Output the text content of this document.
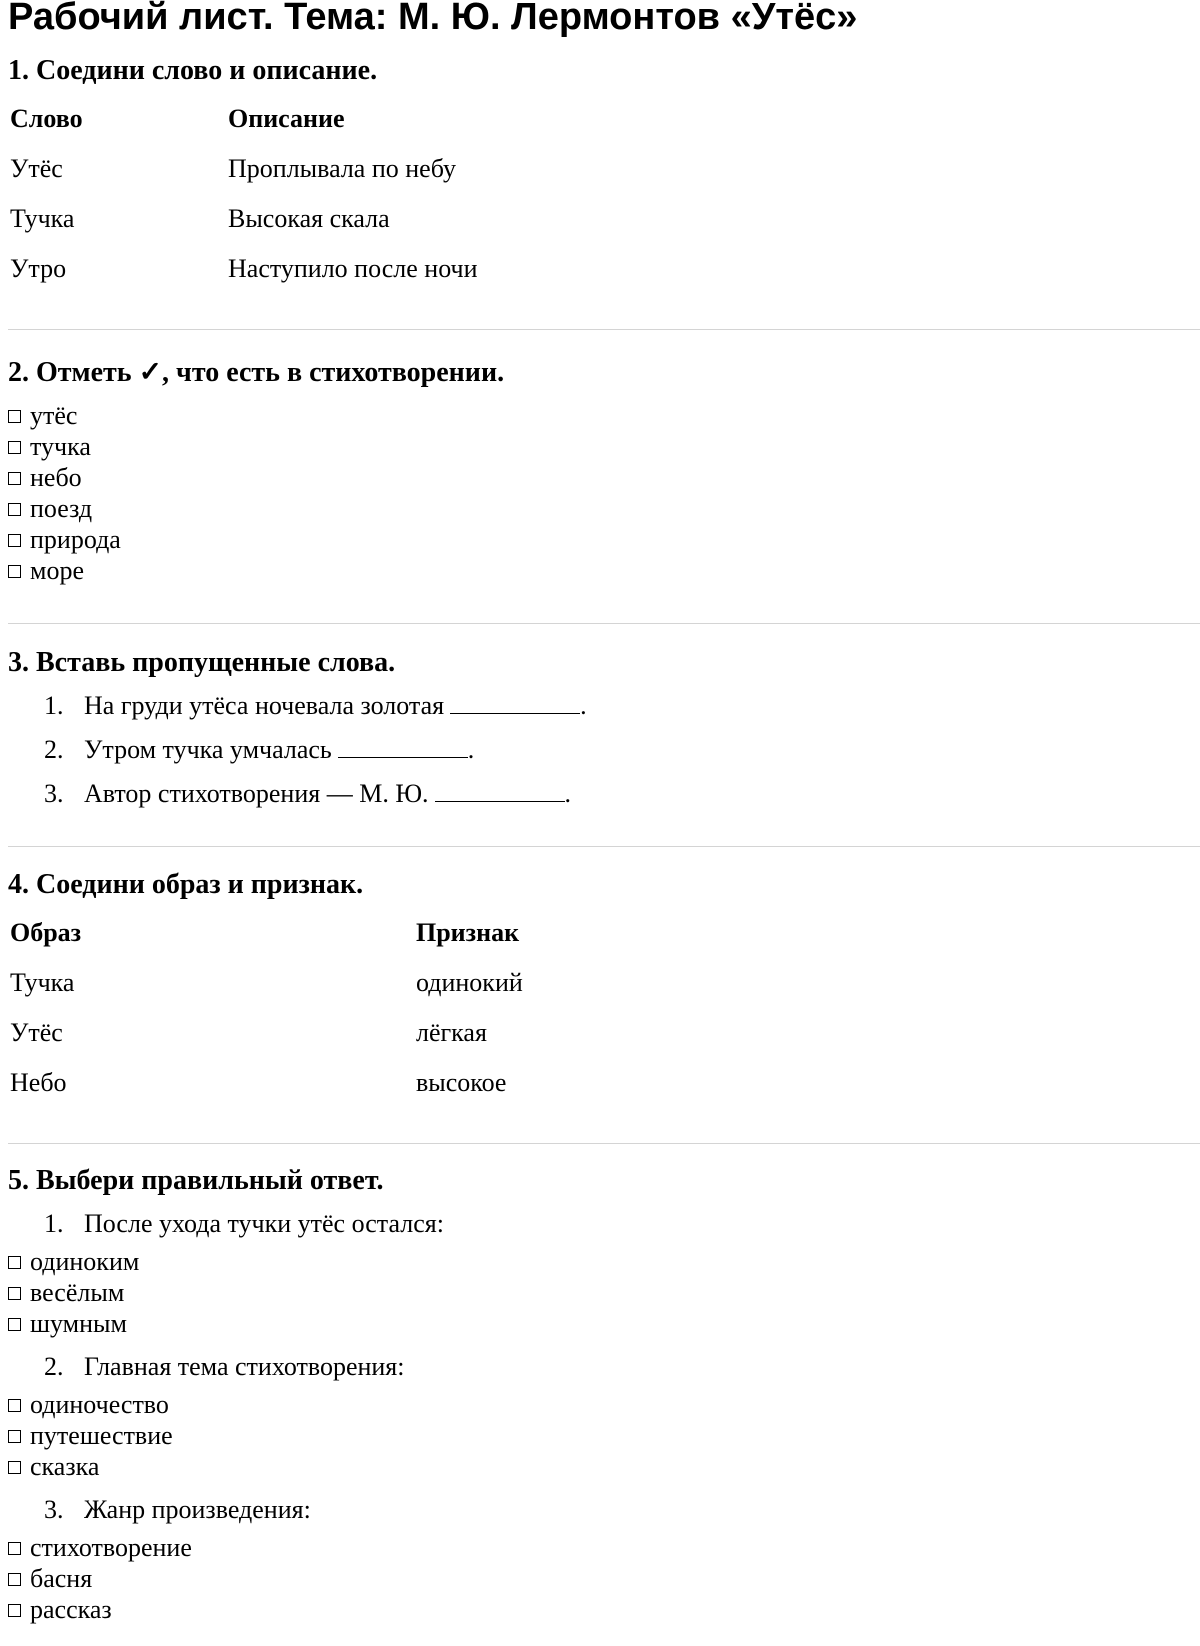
Рабочий лист. Тема: М. Ю. Лермонтов «Утёс»
1. Соедини слово и описание.
Слово	Описание
Утёс	Проплывала по небу
Тучка	Высокая скала
Утро	Наступило после ночи
2. Отметь ✓, что есть в стихотворении.
утёс
тучка
небо
поезд
природа
море
3. Вставь пропущенные слова.
1. На груди утёса ночевала золотая	.
2. Утром тучка умчалась	.
3. Автор стихотворения — М. Ю.	.
4. Соедини образ и признак.
Образ	Признак
Тучка	одинокий
Утёс	лёгкая
Небо	высокое
5. Выбери правильный ответ.
1. После ухода тучки утёс остался:
одиноким
весёлым
шумным
2. Главная тема стихотворения:
одиночество
путешествие
сказка
3. Жанр произведения:
стихотворение
басня
рассказ
